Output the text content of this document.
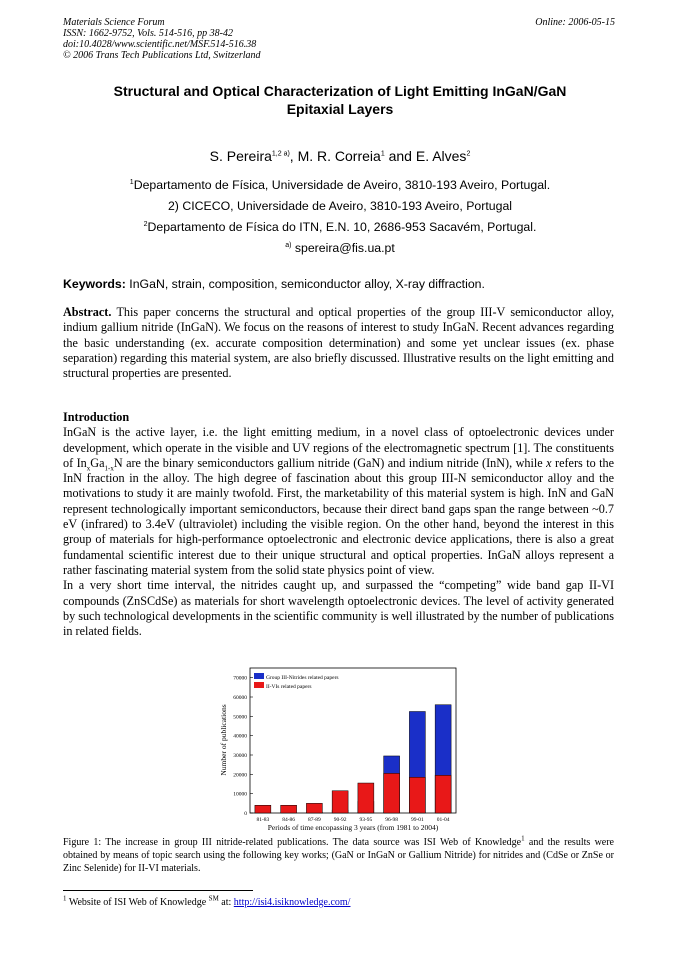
Materials Science Forum
ISSN: 1662-9752, Vols. 514-516, pp 38-42
doi:10.4028/www.scientific.net/MSF.514-516.38
© 2006 Trans Tech Publications Ltd, Switzerland
Online: 2006-05-15
Structural and Optical Characterization of Light Emitting InGaN/GaN
Epitaxial Layers
S. Pereira$^{1,2 a)}$, M. R. Correia$^1$ and E. Alves$^2$
$^1$Departamento de Física, Universidade de Aveiro, 3810-193 Aveiro, Portugal.
2) CICECO, Universidade de Aveiro, 3810-193 Aveiro, Portugal
$^2$Departamento de Física do ITN, E.N. 10, 2686-953 Sacavém, Portugal.
$^{a)}$ spereira@fis.ua.pt
Keywords: InGaN, strain, composition, semiconductor alloy, X-ray diffraction.
Abstract. This paper concerns the structural and optical properties of the group III-V semiconductor alloy, indium gallium nitride (InGaN). We focus on the reasons of interest to study InGaN. Recent advances regarding the basic understanding (ex. accurate composition determination) and some yet unclear issues (ex. phase separation) regarding this material system, are also briefly discussed. Illustrative results on the light emitting and structural properties are presented.

Introduction

InGaN is the active layer, i.e. the light emitting medium, in a novel class of optoelectronic devices under development, which operate in the visible and UV regions of the electromagnetic spectrum [1]. The constituents of $In_xGa_{1-x}N$ are the binary semiconductors gallium nitride (GaN) and indium nitride (InN), while x refers to the InN fraction in the alloy. The high degree of fascination about this group III-N semiconductor alloy and the motivations to study it are mainly twofold. First, the marketability of this material system is high. InN and GaN represent technologically important semiconductors, because their direct band gaps span the range between ~0.7 eV (infrared) to 3.4eV (ultraviolet) including the visible region. On the other hand, beyond the interest in this group of materials for high-performance optoelectronic and electronic device applications, there is also a great fundamental scientific interest due to their unique structural and optical properties. InGaN alloys represent a rather fascinating material system from the solid state physics point of view.

In a very short time interval, the nitrides caught up, and surpassed the “competing” wide band gap II-VI compounds (ZnSCdSe) as materials for short wavelength optoelectronic devices. The level of activity generated by such technological developments in the scientific community is well illustrated by the number of publications in related fields.

0
10000
20000
30000
40000
50000
60000
70000
81-83 84-86 87-89 90-92 93-95 96-98 99-01 01-04
Group III-Nitrides related papers
II-VIs related papers
Number of publications
Periods of time encopassing 3 years (from 1981 to 2004)
Figure 1: The increase in group III nitride-related publications. The data source was ISI Web of Knowledge$^1$ and the results were obtained by means of topic search using the following key works; (GaN or InGaN or Gallium Nitride) for nitrides and (CdSe or ZnSe or Zinc Selenide) for II-VI materials.
$^1$ Website of ISI Web of Knowledge ℠ at: http://isi4.isiknowledge.com/
